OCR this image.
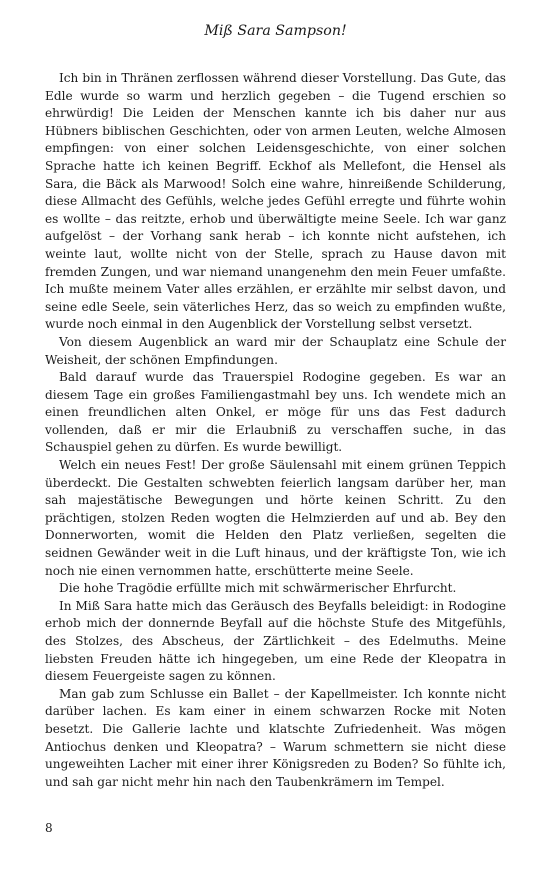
Miß Sara Sampson!

Ich bin in Thränen zerflossen während dieser Vorstellung. Das Gute, das Edle wurde so warm und herzlich gegeben – die Tugend erschien so ehrwürdig! Die Leiden der Menschen kannte ich bis daher nur aus Hübners biblischen Geschichten, oder von armen Leuten, welche Almosen empfingen: von einer solchen Leidensgeschichte, von einer solchen Sprache hatte ich keinen Begriff. Eckhof als Mellefont, die Hensel als Sara, die Bäck als Marwood! Solch eine wahre, hinreißende Schilderung, diese Allmacht des Gefühls, welche jedes Gefühl erregte und führte wohin es wollte – das reitzte, erhob und überwältigte meine Seele. Ich war ganz aufgelöst – der Vorhang sank herab – ich konnte nicht aufstehen, ich weinte laut, wollte nicht von der Stelle, sprach zu Hause davon mit fremden Zungen, und war niemand unangenehm den mein Feuer umfaßte. Ich mußte meinem Vater alles erzählen, er erzählte mir selbst davon, und seine edle Seele, sein väterliches Herz, das so weich zu empfinden wußte, wurde noch einmal in den Augenblick der Vorstellung selbst versetzt.

Von diesem Augenblick an ward mir der Schauplatz eine Schule der Weisheit, der schönen Empfindungen.

Bald darauf wurde das Trauerspiel Rodogine gegeben. Es war an diesem Tage ein großes Familiengastmahl bey uns. Ich wendete mich an einen freundlichen alten Onkel, er möge für uns das Fest dadurch vollenden, daß er mir die Erlaubniß zu verschaffen suche, in das Schauspiel gehen zu dürfen. Es wurde bewilligt.

Welch ein neues Fest! Der große Säulensahl mit einem grünen Teppich überdeckt. Die Gestalten schwebten feierlich langsam darüber her, man sah majestätische Bewegungen und hörte keinen Schritt. Zu den prächtigen, stolzen Reden wogten die Helmzierden auf und ab. Bey den Donnerworten, womit die Helden den Platz verließen, segelten die seidnen Gewänder weit in die Luft hinaus, und der kräftigste Ton, wie ich noch nie einen vernommen hatte, erschütterte meine Seele.

Die hohe Tragödie erfüllte mich mit schwärmerischer Ehrfurcht.

In Miß Sara hatte mich das Geräusch des Beyfalls beleidigt: in Rodogine erhob mich der donnernde Beyfall auf die höchste Stufe des Mitgefühls, des Stolzes, des Abscheus, der Zärtlichkeit – des Edelmuths. Meine liebsten Freuden hätte ich hingegeben, um eine Rede der Kleopatra in diesem Feuergeiste sagen zu können.

Man gab zum Schlusse ein Ballet – der Kapellmeister. Ich konnte nicht darüber lachen. Es kam einer in einem schwarzen Rocke mit Noten besetzt. Die Gallerie lachte und klatschte Zufriedenheit. Was mögen Antiochus denken und Kleopatra? – Warum schmettern sie nicht diese ungeweihten Lacher mit einer ihrer Königsreden zu Boden? So fühlte ich, und sah gar nicht mehr hin nach den Taubenkrämern im Tempel.

8
